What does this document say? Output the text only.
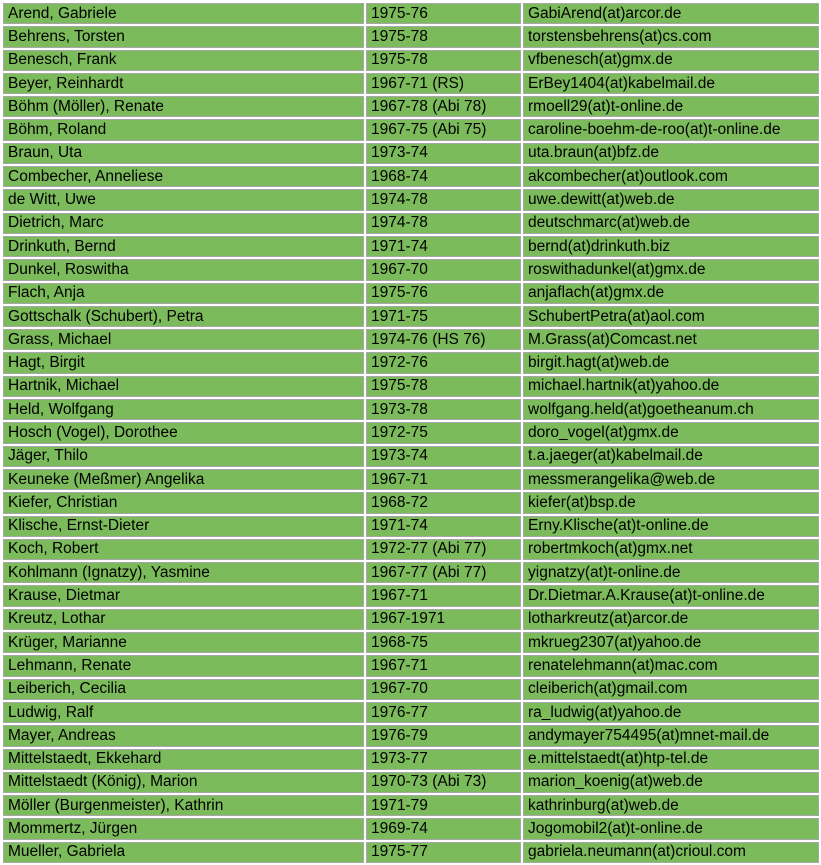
Arend, Gabriele	1975-76	GabiArend(at)arcor.de
Behrens, Torsten	1975-78	torstensbehrens(at)cs.com
Benesch, Frank	1975-78	vfbenesch(at)gmx.de
Beyer, Reinhardt	1967-71 (RS)	ErBey1404(at)kabelmail.de
Böhm (Möller), Renate	1967-78 (Abi 78)	rmoell29(at)t-online.de
Böhm, Roland	1967-75 (Abi 75)	caroline-boehm-de-roo(at)t-online.de
Braun, Uta	1973-74	uta.braun(at)bfz.de
Combecher, Anneliese	1968-74	akcombecher(at)outlook.com
de Witt, Uwe	1974-78	uwe.dewitt(at)web.de
Dietrich, Marc	1974-78	deutschmarc(at)web.de
Drinkuth, Bernd	1971-74	bernd(at)drinkuth.biz
Dunkel, Roswitha	1967-70	roswithadunkel(at)gmx.de
Flach, Anja	1975-76	anjaflach(at)gmx.de
Gottschalk (Schubert), Petra	1971-75	SchubertPetra(at)aol.com
Grass, Michael	1974-76 (HS 76)	M.Grass(at)Comcast.net
Hagt, Birgit	1972-76	birgit.hagt(at)web.de
Hartnik, Michael	1975-78	michael.hartnik(at)yahoo.de
Held, Wolfgang	1973-78	wolfgang.held(at)goetheanum.ch
Hosch (Vogel), Dorothee	1972-75	doro_vogel(at)gmx.de
Jäger, Thilo	1973-74	t.a.jaeger(at)kabelmail.de
Keuneke (Meßmer) Angelika	1967-71	messmerangelika@web.de
Kiefer, Christian	1968-72	kiefer(at)bsp.de
Klische, Ernst-Dieter	1971-74	Erny.Klische(at)t-online.de
Koch, Robert	1972-77 (Abi 77)	robertmkoch(at)gmx.net
Kohlmann (Ignatzy), Yasmine	1967-77 (Abi 77)	yignatzy(at)t-online.de
Krause, Dietmar	1967-71	Dr.Dietmar.A.Krause(at)t-online.de
Kreutz, Lothar	1967-1971	lotharkreutz(at)arcor.de
Krüger, Marianne	1968-75	mkrueg2307(at)yahoo.de
Lehmann, Renate	1967-71	renatelehmann(at)mac.com
Leiberich, Cecilia	1967-70	cleiberich(at)gmail.com
Ludwig, Ralf	1976-77	ra_ludwig(at)yahoo.de
Mayer, Andreas	1976-79	andymayer754495(at)mnet-mail.de
Mittelstaedt, Ekkehard	1973-77	e.mittelstaedt(at)htp-tel.de
Mittelstaedt (König), Marion	1970-73 (Abi 73)	marion_koenig(at)web.de
Möller (Burgenmeister), Kathrin	1971-79	kathrinburg(at)web.de
Mommertz, Jürgen	1969-74	Jogomobil2(at)t-online.de
Mueller, Gabriela	1975-77	gabriela.neumann(at)crioul.com
